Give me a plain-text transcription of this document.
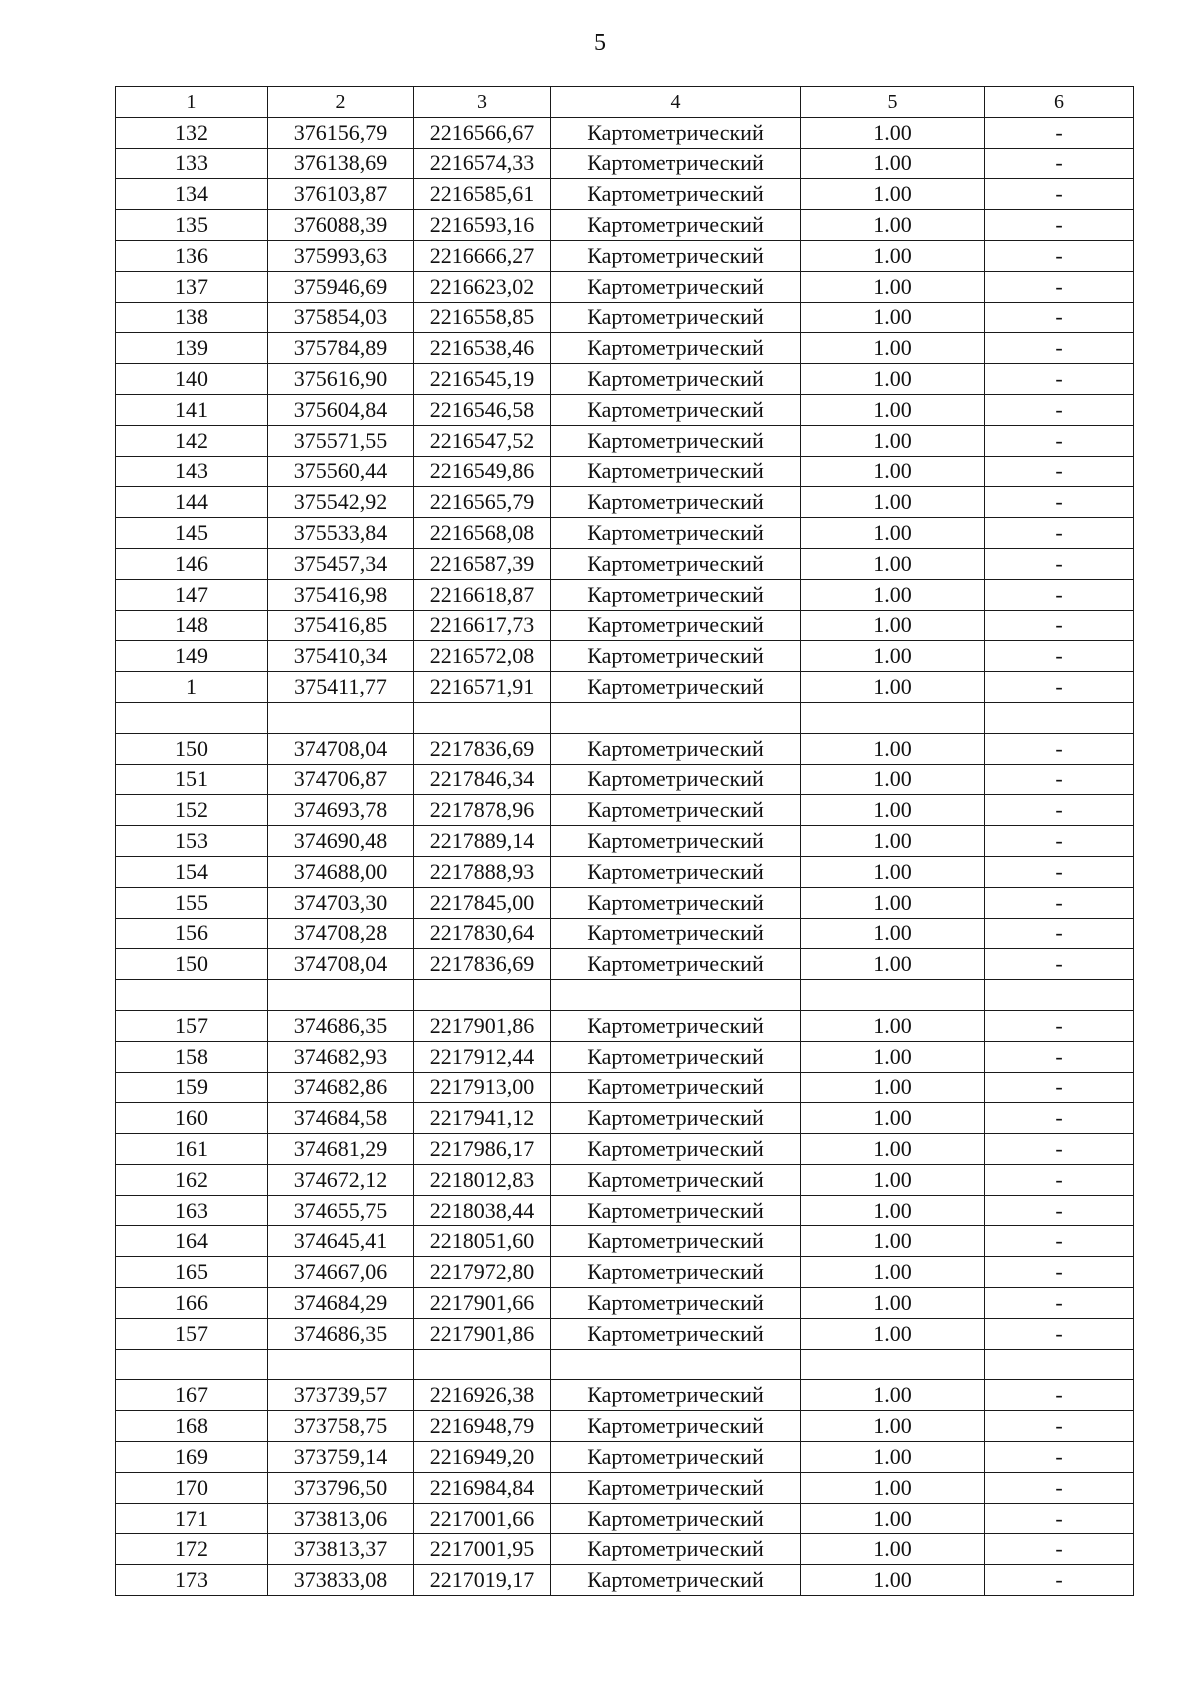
5
1	2	3	4	5	6
132	376156,79	2216566,67	Картометрический	1.00	-
133	376138,69	2216574,33	Картометрический	1.00	-
134	376103,87	2216585,61	Картометрический	1.00	-
135	376088,39	2216593,16	Картометрический	1.00	-
136	375993,63	2216666,27	Картометрический	1.00	-
137	375946,69	2216623,02	Картометрический	1.00	-
138	375854,03	2216558,85	Картометрический	1.00	-
139	375784,89	2216538,46	Картометрический	1.00	-
140	375616,90	2216545,19	Картометрический	1.00	-
141	375604,84	2216546,58	Картометрический	1.00	-
142	375571,55	2216547,52	Картометрический	1.00	-
143	375560,44	2216549,86	Картометрический	1.00	-
144	375542,92	2216565,79	Картометрический	1.00	-
145	375533,84	2216568,08	Картометрический	1.00	-
146	375457,34	2216587,39	Картометрический	1.00	-
147	375416,98	2216618,87	Картометрический	1.00	-
148	375416,85	2216617,73	Картометрический	1.00	-
149	375410,34	2216572,08	Картометрический	1.00	-
1	375411,77	2216571,91	Картометрический	1.00	-

150	374708,04	2217836,69	Картометрический	1.00	-
151	374706,87	2217846,34	Картометрический	1.00	-
152	374693,78	2217878,96	Картометрический	1.00	-
153	374690,48	2217889,14	Картометрический	1.00	-
154	374688,00	2217888,93	Картометрический	1.00	-
155	374703,30	2217845,00	Картометрический	1.00	-
156	374708,28	2217830,64	Картометрический	1.00	-
150	374708,04	2217836,69	Картометрический	1.00	-

157	374686,35	2217901,86	Картометрический	1.00	-
158	374682,93	2217912,44	Картометрический	1.00	-
159	374682,86	2217913,00	Картометрический	1.00	-
160	374684,58	2217941,12	Картометрический	1.00	-
161	374681,29	2217986,17	Картометрический	1.00	-
162	374672,12	2218012,83	Картометрический	1.00	-
163	374655,75	2218038,44	Картометрический	1.00	-
164	374645,41	2218051,60	Картометрический	1.00	-
165	374667,06	2217972,80	Картометрический	1.00	-
166	374684,29	2217901,66	Картометрический	1.00	-
157	374686,35	2217901,86	Картометрический	1.00	-

167	373739,57	2216926,38	Картометрический	1.00	-
168	373758,75	2216948,79	Картометрический	1.00	-
169	373759,14	2216949,20	Картометрический	1.00	-
170	373796,50	2216984,84	Картометрический	1.00	-
171	373813,06	2217001,66	Картометрический	1.00	-
172	373813,37	2217001,95	Картометрический	1.00	-
173	373833,08	2217019,17	Картометрический	1.00	-
